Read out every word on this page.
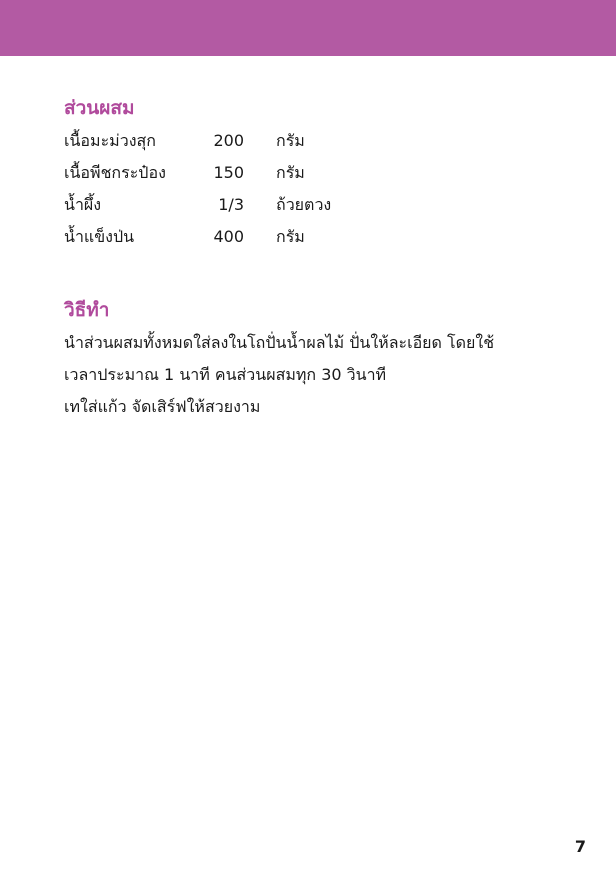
ส่วนผสม
เนื้อมะม่วงสุก	200 กรัม
เนื้อพีชกระป๋อง	150 กรัม
น้ำผึ้ง	1/3 ถ้วยตวง
น้ำแข็งป่น	400 กรัม
วิธีทำ
นำส่วนผสมทั้งหมดใส่ลงในโถปั่นน้ำผลไม้ ปั่นให้ละเอียด โดยใช้
เวลาประมาณ 1 นาที คนส่วนผสมทุก 30 วินาที
เทใส่แก้ว จัดเสิร์ฟให้สวยงาม
7
